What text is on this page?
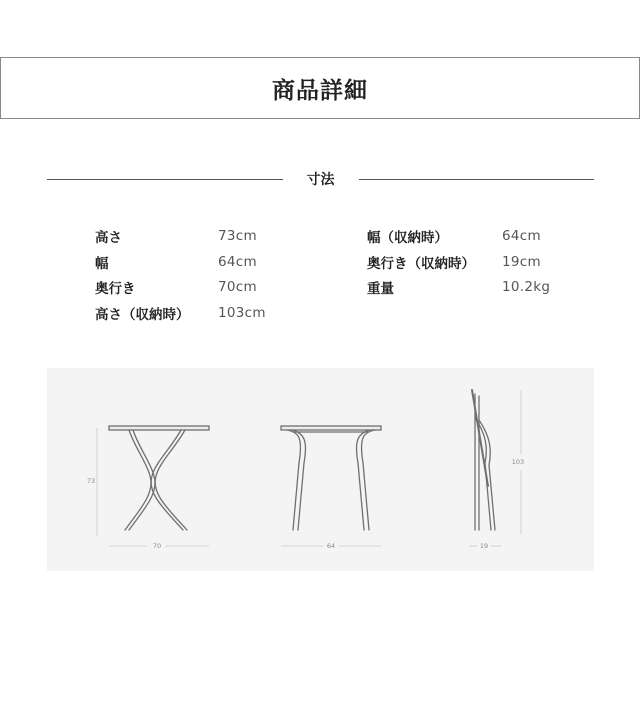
商品詳細
寸法
高さ	73cm
幅	64cm
奥行き	70cm
高さ（収納時） 103cm
幅（収納時）	64cm
奥行き（収納時） 19cm
重量	10.2kg
73
70	64
103
19
